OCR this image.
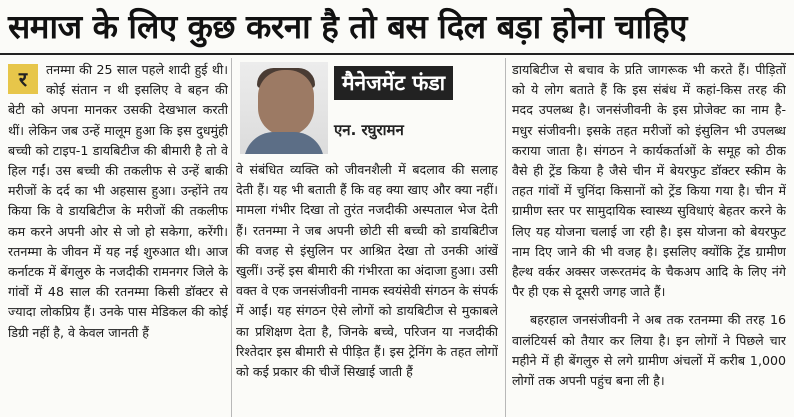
समाज के लिए कुछ करना है तो बस दिल बड़ा होना चाहिए
र	तनम्मा की 25 साल पहले शादी हुई थी। कोई संतान न थी इसलिए वे बहन की बेटी को अपना मानकर उसकी देखभाल करती थीं। लेकिन जब उन्हें मालूम हुआ कि इस दुधमुंही बच्ची को टाइप-1 डायबिटीज की बीमारी है तो वे हिल गईं। उस बच्ची की तकलीफ से उन्हें बाकी मरीजों के दर्द का भी अहसास हुआ। उन्होंने तय किया कि वे डायबिटीज के मरीजों की तकलीफ कम करने अपनी ओर से जो हो सकेगा, करेंगी। रतनम्मा के जीवन में यह नई शुरुआत थी। आज कर्नाटक में बेंगलुरु के नजदीकी रामनगर जिले के गांवों में 48 साल की रतनम्मा किसी डॉक्टर से ज्यादा लोकप्रिय हैं। उनके पास मेडिकल की कोई डिग्री नहीं है, वे केवल जानती हैं

मैनेजमेंट फंडा
एन. रघुरामन

वे संबंधित व्यक्ति को जीवनशैली में बदलाव की सलाह देती हैं। यह भी बताती हैं कि वह क्या खाए और क्या नहीं। मामला गंभीर दिखा तो तुरंत नजदीकी अस्पताल भेज देती हैं। रतनम्मा ने जब अपनी छोटी सी बच्ची को डायबिटीज की वजह से इंसुलिन पर आश्रित देखा तो उनकी आंखें खुलीं। उन्हें इस बीमारी की गंभीरता का अंदाजा हुआ। उसी वक्त वे एक जनसंजीवनी नामक स्वयंसेवी संगठन के संपर्क में आईं। यह संगठन ऐसे लोगों को डायबिटीज से मुकाबले का प्रशिक्षण देता है, जिनके बच्चे, परिजन या नजदीकी रिश्तेदार इस बीमारी से पीड़ित हैं। इस ट्रेनिंग के तहत लोगों को कई प्रकार की चीजें सिखाई जाती हैं

डायबिटीज से बचाव के प्रति जागरूक भी करते हैं। पीड़ितों को ये लोग बताते हैं कि इस संबंध में कहां-किस तरह की मदद उपलब्ध है। जनसंजीवनी के इस प्रोजेक्ट का नाम है- मधुर संजीवनी। इसके तहत मरीजों को इंसुलिन भी उपलब्ध कराया जाता है। संगठन ने कार्यकर्ताओं के समूह को ठीक वैसे ही ट्रेंड किया है जैसे चीन में बेयरफुट डॉक्टर स्कीम के तहत गांवों में चुनिंदा किसानों को ट्रेंड किया गया है। चीन में ग्रामीण स्तर पर सामुदायिक स्वास्थ्य सुविधाएं बेहतर करने के लिए यह योजना चलाई जा रही है। इस योजना को बेयरफुट नाम दिए जाने की भी वजह है। इसलिए क्योंकि ट्रेंड ग्रामीण हैल्थ वर्कर अक्सर जरूरतमंद के चैकअप आदि के लिए नंगे पैर ही एक से दूसरी जगह जाते हैं।

बहरहाल जनसंजीवनी ने अब तक रतनम्मा की तरह 16 वालंटियर्स को तैयार कर लिया है। इन लोगों ने पिछले चार महीने में ही बेंगलुरु से लगे ग्रामीण अंचलों में करीब 1,000 लोगों तक अपनी पहुंच बना ली है।
